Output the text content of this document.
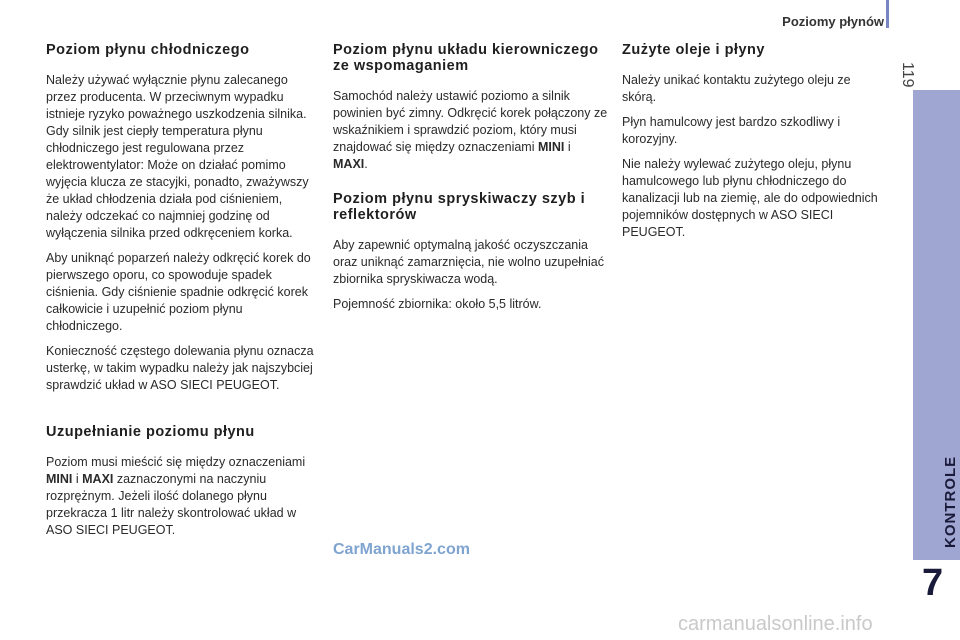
Poziomy płynów
119
KONTROLE
7
Poziom płynu chłodniczego

Należy używać wyłącznie płynu zalecanego przez producenta. W przeciwnym wypadku istnieje ryzyko poważnego uszkodzenia silnika. Gdy silnik jest ciepły temperatura płynu chłodniczego jest regulowana przez elektrowentylator: Może on działać pomimo wyjęcia klucza ze stacyjki, ponadto, zważywszy że układ chłodzenia działa pod ciśnieniem, należy odczekać co najmniej godzinę od wyłączenia silnika przed odkręceniem korka.

Aby uniknąć poparzeń należy odkręcić korek do pierwszego oporu, co spowoduje spadek ciśnienia. Gdy ciśnienie spadnie odkręcić korek całkowicie i uzupełnić poziom płynu chłodniczego.

Konieczność częstego dolewania płynu oznacza usterkę, w takim wypadku należy jak najszybciej sprawdzić układ w ASO SIECI PEUGEOT.

Uzupełnianie poziomu płynu

Poziom musi mieścić się między oznaczeniami MINI i MAXI zaznaczonymi na naczyniu rozprężnym. Jeżeli ilość dolanego płynu przekracza 1 litr należy skontrolować układ w ASO SIECI PEUGEOT.

Poziom płynu układu kierowniczego ze wspomaganiem

Samochód należy ustawić poziomo a silnik powinien być zimny. Odkręcić korek połączony ze wskaźnikiem i sprawdzić poziom, który musi znajdować się między oznaczeniami MINI i MAXI.

Poziom płynu spryskiwaczy szyb i reflektorów

Aby zapewnić optymalną jakość oczyszczania oraz uniknąć zamarznięcia, nie wolno uzupełniać zbiornika spryskiwacza wodą.

Pojemność zbiornika: około 5,5 litrów.

Zużyte oleje i płyny

Należy unikać kontaktu zużytego oleju ze skórą.

Płyn hamulcowy jest bardzo szkodliwy i korozyjny.

Nie należy wylewać zużytego oleju, płynu hamulcowego lub płynu chłodniczego do kanalizacji lub na ziemię, ale do odpowiednich pojemników dostępnych w ASO SIECI PEUGEOT.

CarManuals2.com
carmanualsonline.info
